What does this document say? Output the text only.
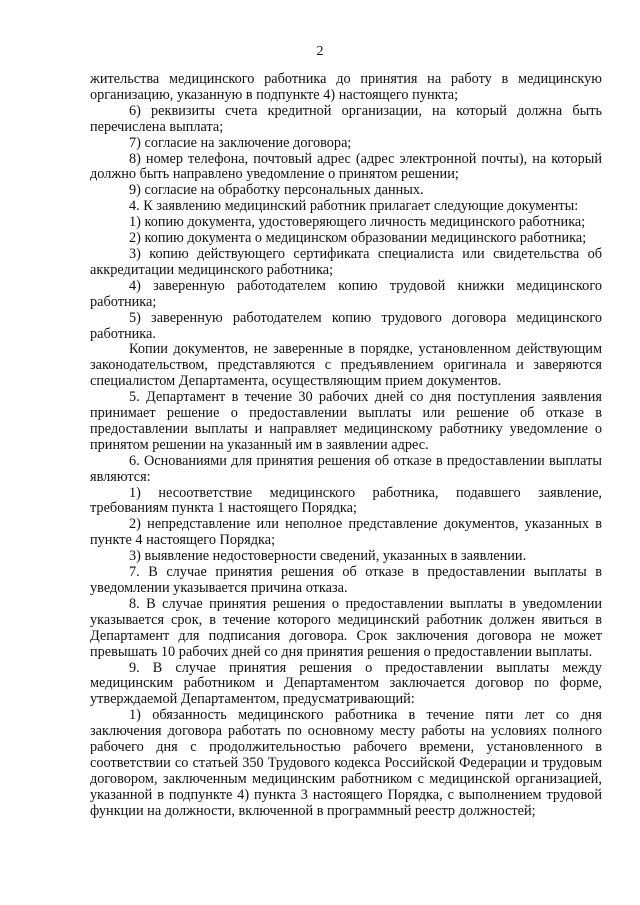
2

жительства медицинского работника до принятия на работу в медицинскую организацию, указанную в подпункте 4) настоящего пункта;

6) реквизиты счета кредитной организации, на который должна быть перечислена выплата;

7) согласие на заключение договора;

8) номер телефона, почтовый адрес (адрес электронной почты), на который должно быть направлено уведомление о принятом решении;

9) согласие на обработку персональных данных.

4. К заявлению медицинский работник прилагает следующие документы:

1) копию документа, удостоверяющего личность медицинского работника;

2) копию документа о медицинском образовании медицинского работника;

3) копию действующего сертификата специалиста или свидетельства об аккредитации медицинского работника;

4) заверенную работодателем копию трудовой книжки медицинского работника;

5) заверенную работодателем копию трудового договора медицинского работника.

Копии документов, не заверенные в порядке, установленном действующим законодательством, представляются с предъявлением оригинала и заверяются специалистом Департамента, осуществляющим прием документов.

5. Департамент в течение 30 рабочих дней со дня поступления заявления принимает решение о предоставлении выплаты или решение об отказе в предоставлении выплаты и направляет медицинскому работнику уведомление о принятом решении на указанный им в заявлении адрес.

6. Основаниями для принятия решения об отказе в предоставлении выплаты являются:

1) несоответствие медицинского работника, подавшего заявление, требованиям пункта 1 настоящего Порядка;

2) непредставление или неполное представление документов, указанных в пункте 4 настоящего Порядка;

3) выявление недостоверности сведений, указанных в заявлении.

7. В случае принятия решения об отказе в предоставлении выплаты в уведомлении указывается причина отказа.

8. В случае принятия решения о предоставлении выплаты в уведомлении указывается срок, в течение которого медицинский работник должен явиться в Департамент для подписания договора. Срок заключения договора не может превышать 10 рабочих дней со дня принятия решения о предоставлении выплаты.

9. В случае принятия решения о предоставлении выплаты между медицинским работником и Департаментом заключается договор по форме, утверждаемой Департаментом, предусматривающий:

1) обязанность медицинского работника в течение пяти лет со дня заключения договора работать по основному месту работы на условиях полного рабочего дня с продолжительностью рабочего времени, установленного в соответствии со статьей 350 Трудового кодекса Российской Федерации и трудовым договором, заключенным медицинским работником с медицинской организацией, указанной в подпункте 4) пункта 3 настоящего Порядка, с выполнением трудовой функции на должности, включенной в программный реестр должностей;
